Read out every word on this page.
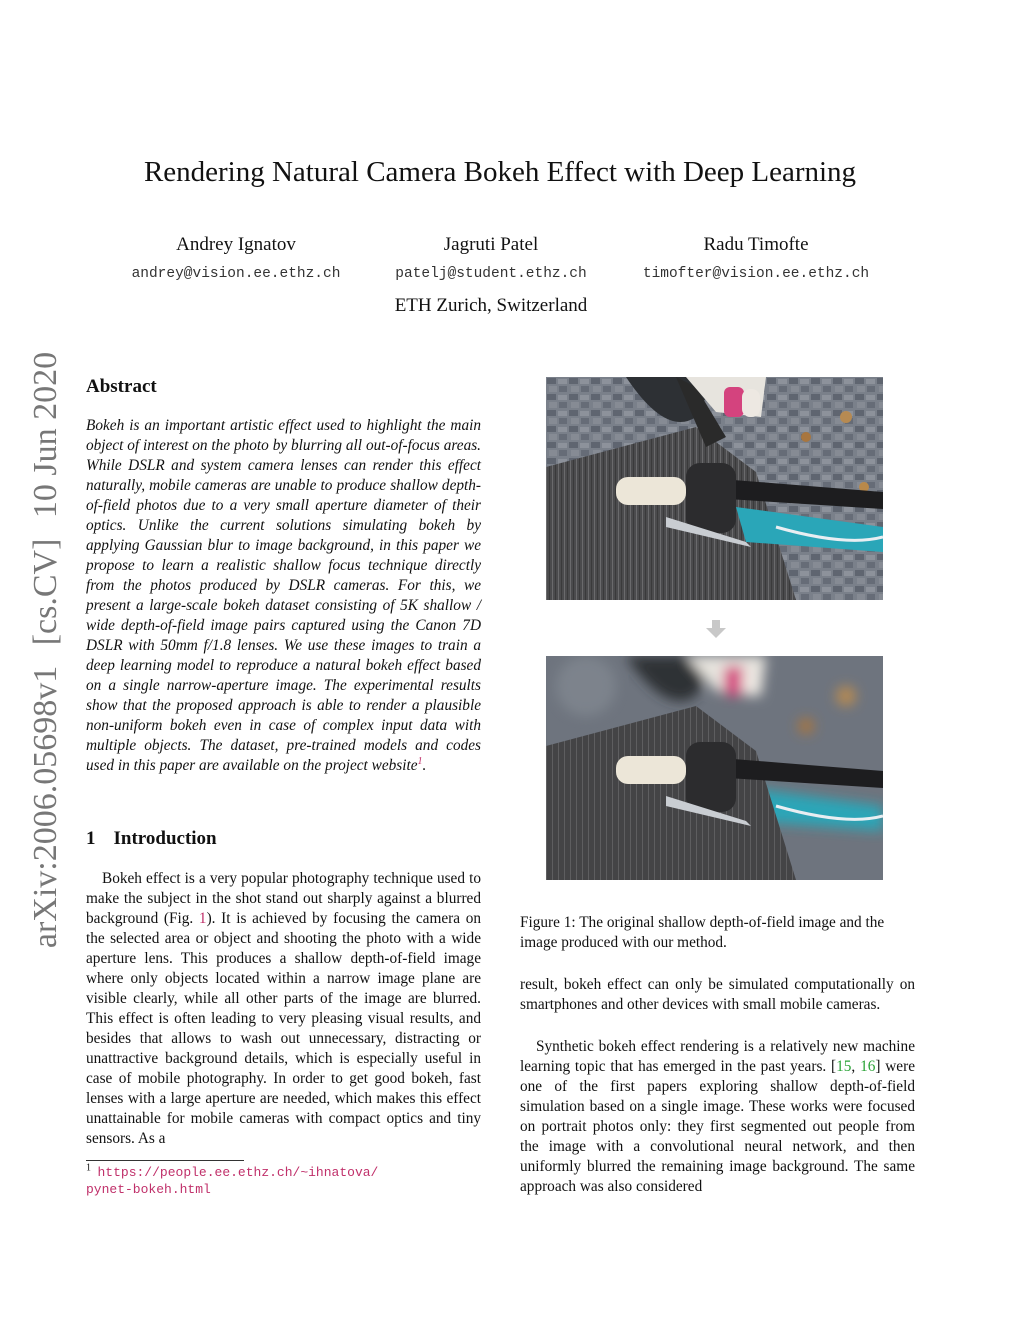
Rendering Natural Camera Bokeh Effect with Deep Learning
Andrey Ignatov
andrey@vision.ee.ethz.ch
Jagruti Patel
patelj@student.ethz.ch
Radu Timofte
timofter@vision.ee.ethz.ch
ETH Zurich, Switzerland
arXiv:2006.05698v1 [cs.CV] 10 Jun 2020 Abstract
Bokeh is an important artistic effect used to highlight the main object of interest on the photo by blurring all out-of-focus areas. While DSLR and system camera lenses can render this effect naturally, mobile cameras are unable to produce shallow depth-of-field photos due to a very small aperture diameter of their optics. Unlike the current solutions simulating bokeh by applying Gaussian blur to image background, in this paper we propose to learn a realistic shallow focus technique directly from the photos produced by DSLR cameras. For this, we present a large-scale bokeh dataset consisting of 5K shallow / wide depth-of-field image pairs captured using the Canon 7D DSLR with 50mm f/1.8 lenses. We use these images to train a deep learning model to reproduce a natural bokeh effect based on a single narrow-aperture image. The experimental results show that the proposed approach is able to render a plausible non-uniform bokeh even in case of complex input data with multiple objects. The dataset, pre-trained models and codes used in this paper are available on the project website$^1$.
1 Introduction
Bokeh effect is a very popular photography technique used to make the subject in the shot stand out sharply against a blurred background (Fig. 1). It is achieved by focusing the camera on the selected area or object and shooting the photo with a wide aperture lens. This produces a shallow depth-of-field image where only objects located within a narrow image plane are visible clearly, while all other parts of the image are blurred. This effect is often leading to very pleasing visual results, and besides that allows to wash out unnecessary, distracting or unattractive background details, which is especially useful in case of mobile photography. In order to get good bokeh, fast lenses with a large aperture are needed, which makes this effect unattainable for mobile cameras with compact optics and tiny sensors. As a
$^1$ https://people.ee.ethz.ch/~ihnatova/
pynet-bokeh.html
Figure 1: The original shallow depth-of-field image and the image produced with our method.
result, bokeh effect can only be simulated computationally on smartphones and other devices with small mobile cameras.
Synthetic bokeh effect rendering is a relatively new machine learning topic that has emerged in the past years. [15, 16] were one of the first papers exploring shallow depth-of-field simulation based on a single image. These works were focused on portrait photos only: they first segmented out people from the image with a convolutional neural network, and then uniformly blurred the remaining image background. The same approach was also considered
